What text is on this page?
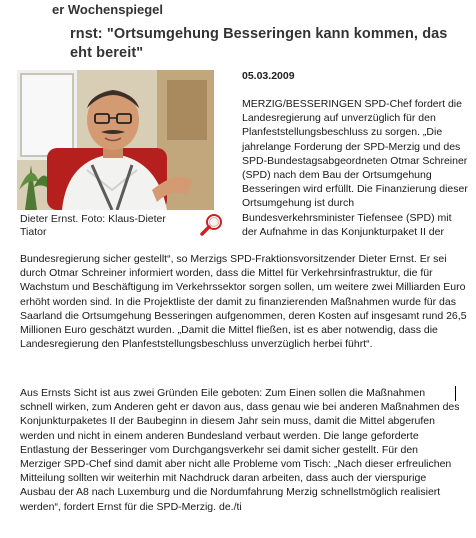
er Wochenspiegel
rnst: "Ortsumgehung Besseringen kann kommen, das
eht bereit"
Dieter Ernst. Foto: Klaus-Dieter Tiator
05.03.2009
MERZIG/BESSERINGEN SPD-Chef fordert die Landesregierung auf unverzüglich für den Planfeststellungsbeschluss zu sorgen. „Die jahrelange Forderung der SPD-Merzig und des SPD-Bundestagsabgeordneten Otmar Schreiner (SPD) nach dem Bau der Ortsumgehung Besseringen wird erfüllt. Die Finanzierung dieser Ortsumgehung ist durch Bundesverkehrsminister Tiefensee (SPD) mit der Aufnahme in das Konjunkturpaket II der
Bundesregierung sicher gestellt“, so Merzigs SPD-Fraktionsvorsitzender Dieter Ernst. Er sei durch Otmar Schreiner informiert worden, dass die Mittel für Verkehrsinfrastruktur, die für Wachstum und Beschäftigung im Verkehrssektor sorgen sollen, um weitere zwei Milliarden Euro erhöht worden sind. In die Projektliste der damit zu finanzierenden Maßnahmen wurde für das Saarland die Ortsumgehung Besseringen aufgenommen, deren Kosten auf insgesamt rund 26,5 Millionen Euro geschätzt wurden. „Damit die Mittel fließen, ist es aber notwendig, dass die Landesregierung den Planfeststellungsbeschluss unverzüglich herbei führt“.
Aus Ernsts Sicht ist aus zwei Gründen Eile geboten: Zum Einen sollen die Maßnahmen schnell wirken, zum Anderen geht er davon aus, dass genau wie bei anderen Maßnahmen des Konjunkturpaketes II der Baubeginn in diesem Jahr sein muss, damit die Mittel abgerufen werden und nicht in einem anderen Bundesland verbaut werden. Die lange geforderte Entlastung der Besseringer vom Durchgangsverkehr sei damit sicher gestellt. Für den Merziger SPD-Chef sind damit aber nicht alle Probleme vom Tisch: „Nach dieser erfreulichen Mitteilung sollten wir weiterhin mit Nachdruck daran arbeiten, dass auch der vierspurige Ausbau der A8 nach Luxemburg und die Nordumfahrung Merzig schnellstmöglich realisiert werden“, fordert Ernst für die SPD-Merzig. de./ti
